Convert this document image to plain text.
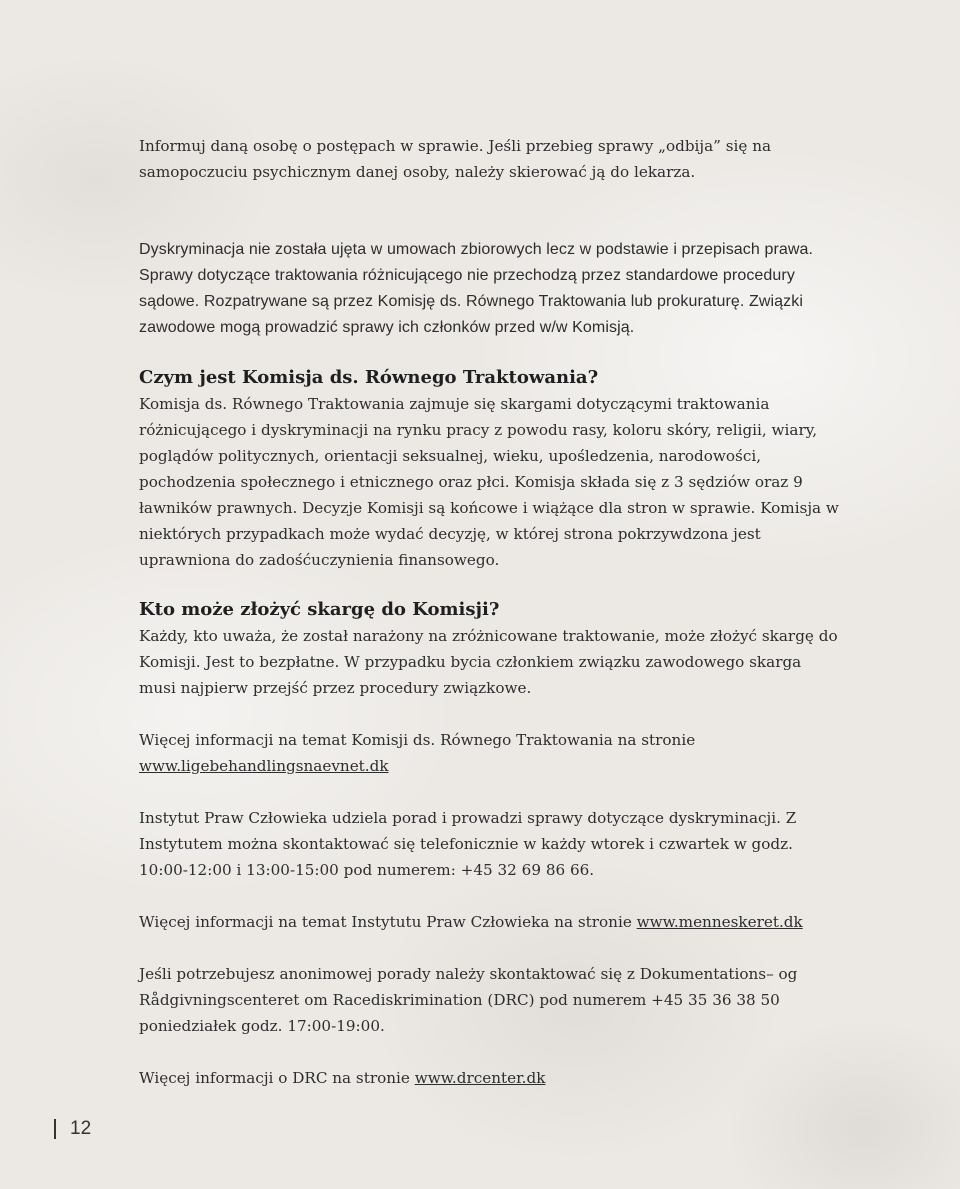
Informuj daną osobę o postępach w sprawie. Jeśli przebieg sprawy „odbija” się na samopoczuciu psychicznym danej osoby, należy skierować ją do lekarza.

Dyskryminacja nie została ujęta w umowach zbiorowych lecz w podstawie i przepisach prawa. Sprawy dotyczące traktowania różnicującego nie przechodzą przez standardowe procedury sądowe. Rozpatrywane są przez Komisję ds. Równego Traktowania lub prokuraturę. Związki zawodowe mogą prowadzić sprawy ich członków przed w/w Komisją.

Czym jest Komisja ds. Równego Traktowania?

Komisja ds. Równego Traktowania zajmuje się skargami dotyczącymi traktowania różnicującego i dyskryminacji na rynku pracy z powodu rasy, koloru skóry, religii, wiary, poglądów politycznych, orientacji seksualnej, wieku, upośledzenia, narodowości, pochodzenia społecznego i etnicznego oraz płci. Komisja składa się z 3 sędziów oraz 9 ławników prawnych. Decyzje Komisji są końcowe i wiążące dla stron w sprawie. Komisja w niektórych przypadkach może wydać decyzję, w której strona pokrzywdzona jest uprawniona do zadośćuczynienia finansowego.

Kto może złożyć skargę do Komisji?

Każdy, kto uważa, że został narażony na zróżnicowane traktowanie, może złożyć skargę do Komisji. Jest to bezpłatne. W przypadku bycia członkiem związku zawodowego skarga musi najpierw przejść przez procedury związkowe.

Więcej informacji na temat Komisji ds. Równego Traktowania na stronie www.ligebehandlingsnaevnet.dk

Instytut Praw Człowieka udziela porad i prowadzi sprawy dotyczące dyskryminacji. Z Instytutem można skontaktować się telefonicznie w każdy wtorek i czwartek w godz. 10:00-12:00 i 13:00-15:00 pod numerem: +45 32 69 86 66.

Więcej informacji na temat Instytutu Praw Człowieka na stronie www.menneskeret.dk

Jeśli potrzebujesz anonimowej porady należy skontaktować się z Dokumentations– og Rådgivningscenteret om Racediskrimination (DRC) pod numerem +45 35 36 38 50 poniedziałek godz. 17:00-19:00.

Więcej informacji o DRC na stronie www.drcenter.dk

12
